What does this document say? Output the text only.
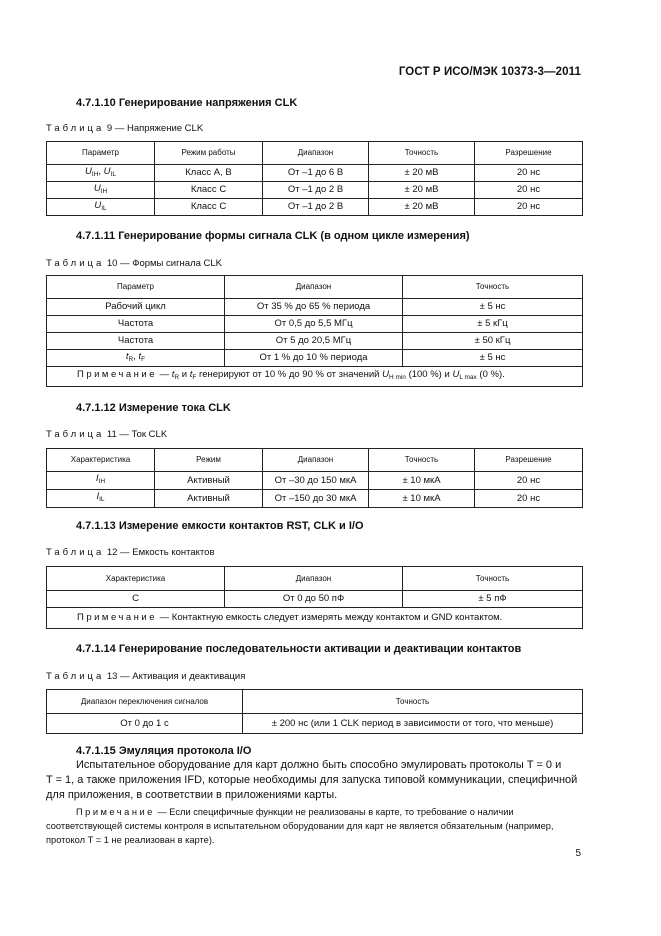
ГОСТ Р ИСО/МЭК 10373-3—2011
4.7.1.10 Генерирование напряжения CLK
Таблица 9 — Напряжение CLK
Параметр	Режим работы	Диапазон	Точность	Разрешение
$U_{IH}$, $U_{IL}$	Класс A, B	От –1 до 6 В	± 20 мВ	20 нс
$U_{IH}$	Класс C	От –1 до 2 В	± 20 мВ	20 нс
$U_{IL}$	Класс C	От –1 до 2 В	± 20 мВ	20 нс
4.7.1.11 Генерирование формы сигнала CLK (в одном цикле измерения)
Таблица 10 — Формы сигнала CLK
Параметр	Диапазон	Точность
Рабочий цикл	От 35 % до 65 % периода	± 5 нс
Частота	От 0,5 до 5,5 МГц	± 5 кГц
Частота	От 5 до 20,5 МГц	± 50 кГц
$t_R$, $t_F$	От 1 % до 10 % периода	± 5 нс
Примечание — $t_R$ и $t_F$ генерируют от 10 % до 90 % от значений $U_{H min}$ (100 %) и $U_{L max}$ (0 %).		
4.7.1.12 Измерение тока CLK
Таблица 11 — Ток CLK
Характеристика	Режим	Диапазон	Точность	Разрешение
$I_{IH}$	Активный	От –30 до 150 мкА	± 10 мкА	20 нс
$I_{IL}$	Активный	От –150 до 30 мкА	± 10 мкА	20 нс
4.7.1.13 Измерение емкости контактов RST, CLK и I/O
Таблица 12 — Емкость контактов
Характеристика	Диапазон	Точность
C	От 0 до 50 пФ	± 5 пФ
Примечание — Контактную емкость следует измерять между контактом и GND контактом.		
4.7.1.14 Генерирование последовательности активации и деактивации контактов
Таблица 13 — Активация и деактивация
Диапазон переключения сигналов	Точность
От 0 до 1 с	± 200 нс (или 1 CLK период в зависимости от того, что меньше)
4.7.1.15 Эмуляция протокола I/O
Испытательное оборудование для карт должно быть способно эмулировать протоколы T = 0 и
T = 1, а также приложения IFD, которые необходимы для запуска типовой коммуникации, специфичной для приложения, в соответствии в приложениями карты.
Примечание — Если специфичные функции не реализованы в карте, то требование о наличии соответствующей системы контроля в испытательном оборудовании для карт не является обязательным (например, протокол T = 1 не реализован в карте).
5
